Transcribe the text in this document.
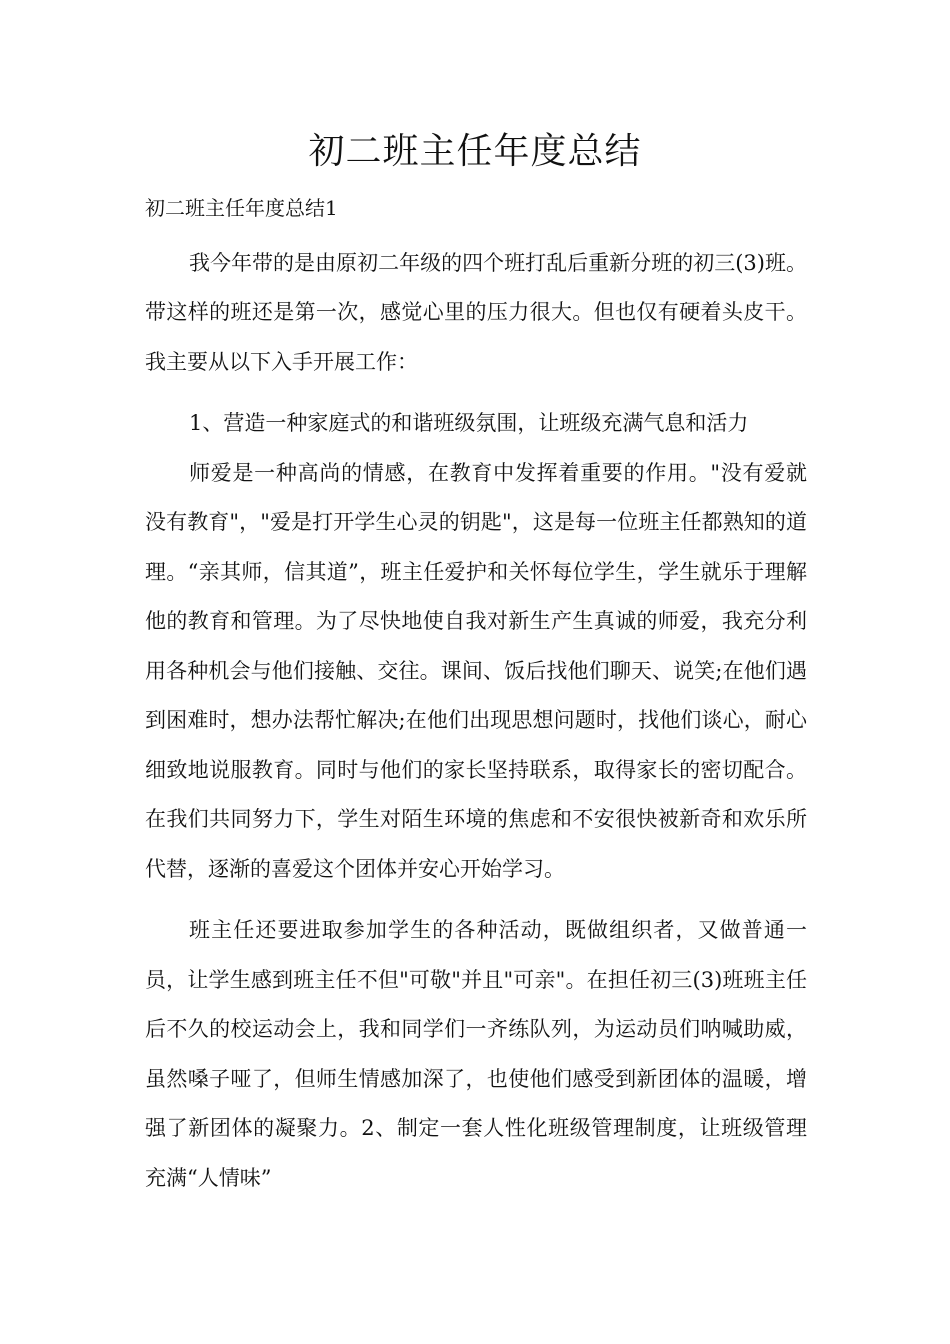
初二班主任年度总结

初二班主任年度总结1

我今年带的是由原初二年级的四个班打乱后重新分班的初三(3)班。带这样的班还是第一次，感觉心里的压力很大。但也仅有硬着头皮干。我主要从以下入手开展工作：

1、营造一种家庭式的和谐班级氛围，让班级充满气息和活力

师爱是一种高尚的情感，在教育中发挥着重要的作用。"没有爱就没有教育"，"爱是打开学生心灵的钥匙"，这是每一位班主任都熟知的道理。“亲其师，信其道”，班主任爱护和关怀每位学生，学生就乐于理解他的教育和管理。为了尽快地使自我对新生产生真诚的师爱，我充分利用各种机会与他们接触、交往。课间、饭后找他们聊天、说笑;在他们遇到困难时，想办法帮忙解决;在他们出现思想问题时，找他们谈心，耐心细致地说服教育。同时与他们的家长坚持联系，取得家长的密切配合。在我们共同努力下，学生对陌生环境的焦虑和不安很快被新奇和欢乐所代替，逐渐的喜爱这个团体并安心开始学习。

班主任还要进取参加学生的各种活动，既做组织者，又做普通一员，让学生感到班主任不但"可敬"并且"可亲"。在担任初三(3)班班主任后不久的校运动会上，我和同学们一齐练队列，为运动员们呐喊助威，虽然嗓子哑了，但师生情感加深了，也使他们感受到新团体的温暖，增强了新团体的凝聚力。2、制定一套人性化班级管理制度，让班级管理充满“人情味”
